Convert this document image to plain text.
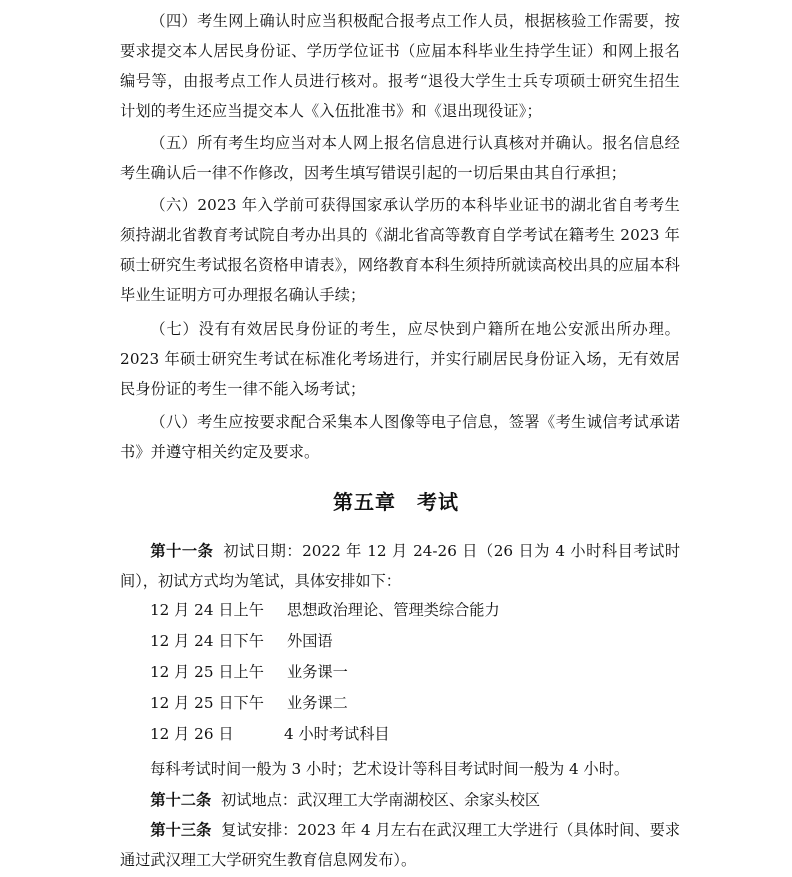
（四）考生网上确认时应当积极配合报考点工作人员，根据核验工作需要，按要求提交本人居民身份证、学历学位证书（应届本科毕业生持学生证）和网上报名编号等，由报考点工作人员进行核对。报考“退役大学生士兵专项硕士研究生招生计划的考生还应当提交本人《入伍批准书》和《退出现役证》；

（五）所有考生均应当对本人网上报名信息进行认真核对并确认。报名信息经考生确认后一律不作修改，因考生填写错误引起的一切后果由其自行承担；

（六）2023 年入学前可获得国家承认学历的本科毕业证书的湖北省自考考生须持湖北省教育考试院自考办出具的《湖北省高等教育自学考试在籍考生 2023 年硕士研究生考试报名资格申请表》，网络教育本科生须持所就读高校出具的应届本科毕业生证明方可办理报名确认手续；

（七）没有有效居民身份证的考生，应尽快到户籍所在地公安派出所办理。2023 年硕士研究生考试在标准化考场进行，并实行刷居民身份证入场，无有效居民身份证的考生一律不能入场考试；

（八）考生应按要求配合采集本人图像等电子信息，签署《考生诚信考试承诺书》并遵守相关约定及要求。

第五章　考试

第十一条 初试日期：2022 年 12 月 24-26 日（26 日为 4 小时科目考试时间），初试方式均为笔试，具体安排如下：

12 月 24 日上午 思想政治理论、管理类综合能力
12 月 24 日下午 外国语
12 月 25 日上午 业务课一
12 月 25 日下午 业务课二
12 月 26 日	4 小时考试科目

每科考试时间一般为 3 小时；艺术设计等科目考试时间一般为 4 小时。

第十二条 初试地点：武汉理工大学南湖校区、余家头校区

第十三条 复试安排：2023 年 4 月左右在武汉理工大学进行（具体时间、要求通过武汉理工大学研究生教育信息网发布）。
